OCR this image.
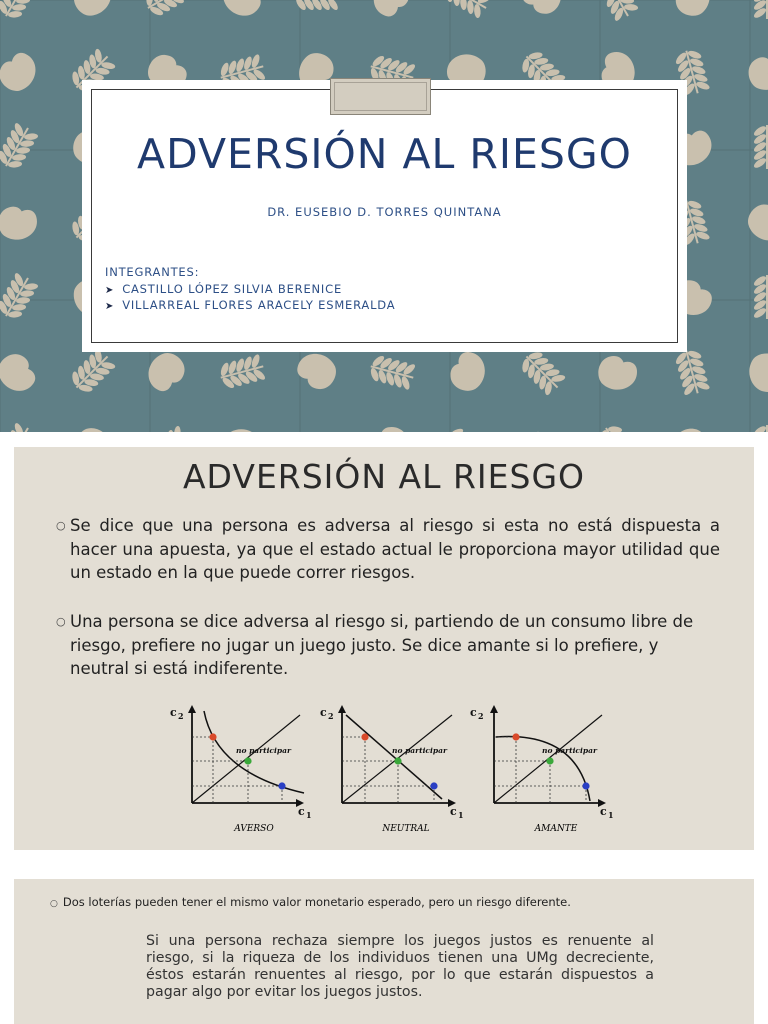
ADVERSIÓN AL RIESGO
DR. EUSEBIO D. TORRES QUINTANA
INTEGRANTES:
➤ CASTILLO LÓPEZ SILVIA BERENICE
➤ VILLARREAL FLORES ARACELY ESMERALDA
ADVERSIÓN AL RIESGO
○ Se dice que una persona es adversa al riesgo si esta no está dispuesta a hacer una apuesta, ya que el estado actual le proporciona mayor utilidad que un estado en la que puede correr riesgos.
○ Una persona se dice adversa al riesgo si, partiendo de un consumo libre de riesgo, prefiere no jugar un juego justo. Se dice amante si lo prefiere, y neutral si está indiferente.
c 2
c 1
no participar
AVERSO
c 2
c 1
no participar
NEUTRAL
c 2
c 1
no participar
AMANTE
○ Dos loterías pueden tener el mismo valor monetario esperado, pero un riesgo diferente.
Si una persona rechaza siempre los juegos justos es renuente al riesgo, si la riqueza de los individuos tienen una UMg decreciente, éstos estarán renuentes al riesgo, por lo que estarán dispuestos a pagar algo por evitar los juegos justos.
